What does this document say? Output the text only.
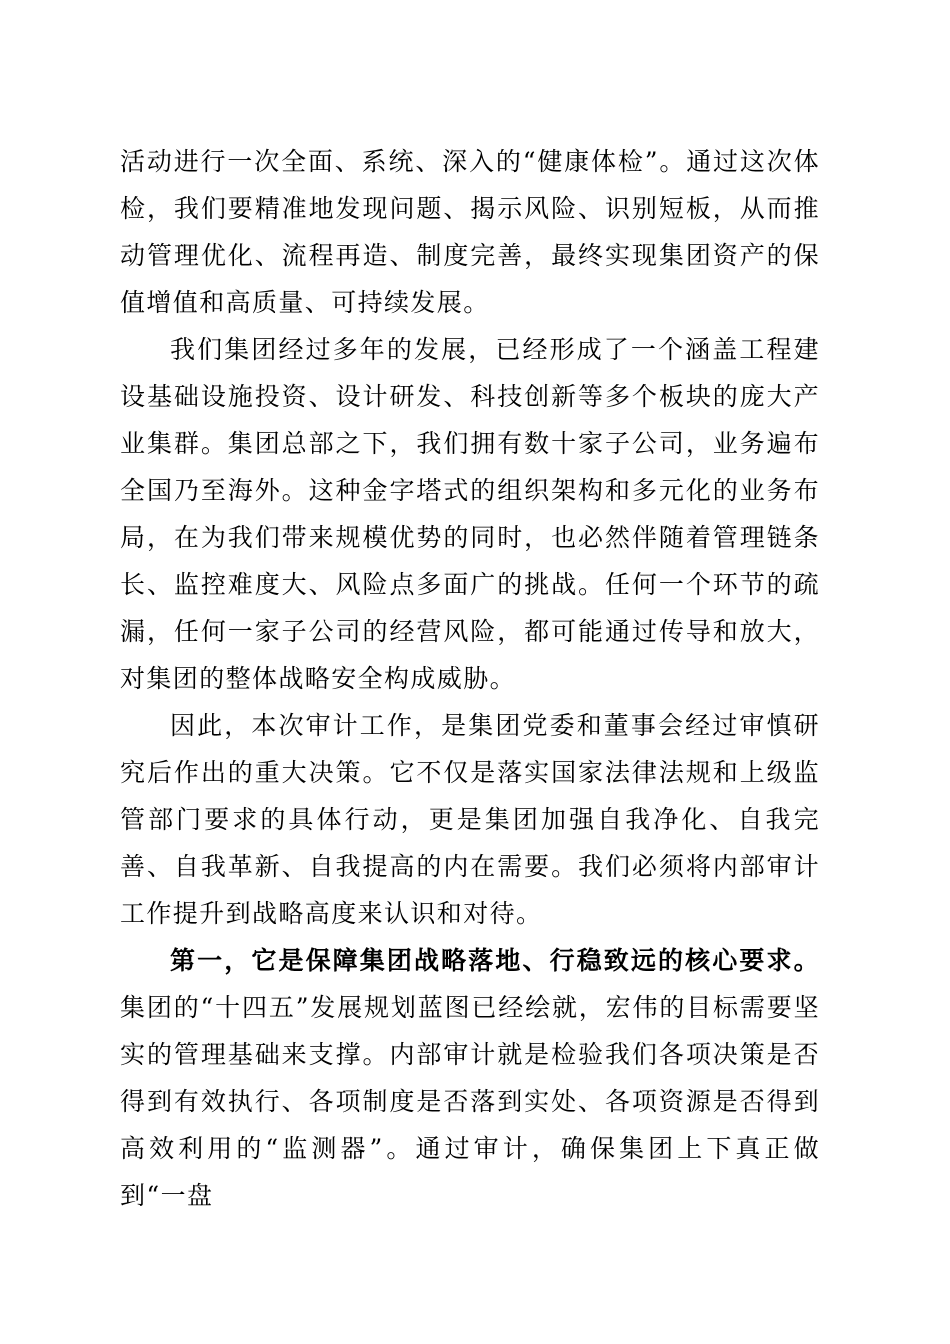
活动进行一次全面、系统、深入的“健康体检”。通过这次体检，我们要精准地发现问题、揭示风险、识别短板，从而推动管理优化、流程再造、制度完善，最终实现集团资产的保值增值和高质量、可持续发展。

我们集团经过多年的发展，已经形成了一个涵盖工程建设基础设施投资、设计研发、科技创新等多个板块的庞大产业集群。集团总部之下，我们拥有数十家子公司，业务遍布全国乃至海外。这种金字塔式的组织架构和多元化的业务布局，在为我们带来规模优势的同时，也必然伴随着管理链条长、监控难度大、风险点多面广的挑战。任何一个环节的疏漏，任何一家子公司的经营风险，都可能通过传导和放大，对集团的整体战略安全构成威胁。

因此，本次审计工作，是集团党委和董事会经过审慎研究后作出的重大决策。它不仅是落实国家法律法规和上级监管部门要求的具体行动，更是集团加强自我净化、自我完善、自我革新、自我提高的内在需要。我们必须将内部审计工作提升到战略高度来认识和对待。

第一，它是保障集团战略落地、行稳致远的核心要求。集团的“十四五”发展规划蓝图已经绘就，宏伟的目标需要坚实的管理基础来支撑。内部审计就是检验我们各项决策是否得到有效执行、各项制度是否落到实处、各项资源是否得到高效利用的“监测器”。通过审计，确保集团上下真正做到“一盘
